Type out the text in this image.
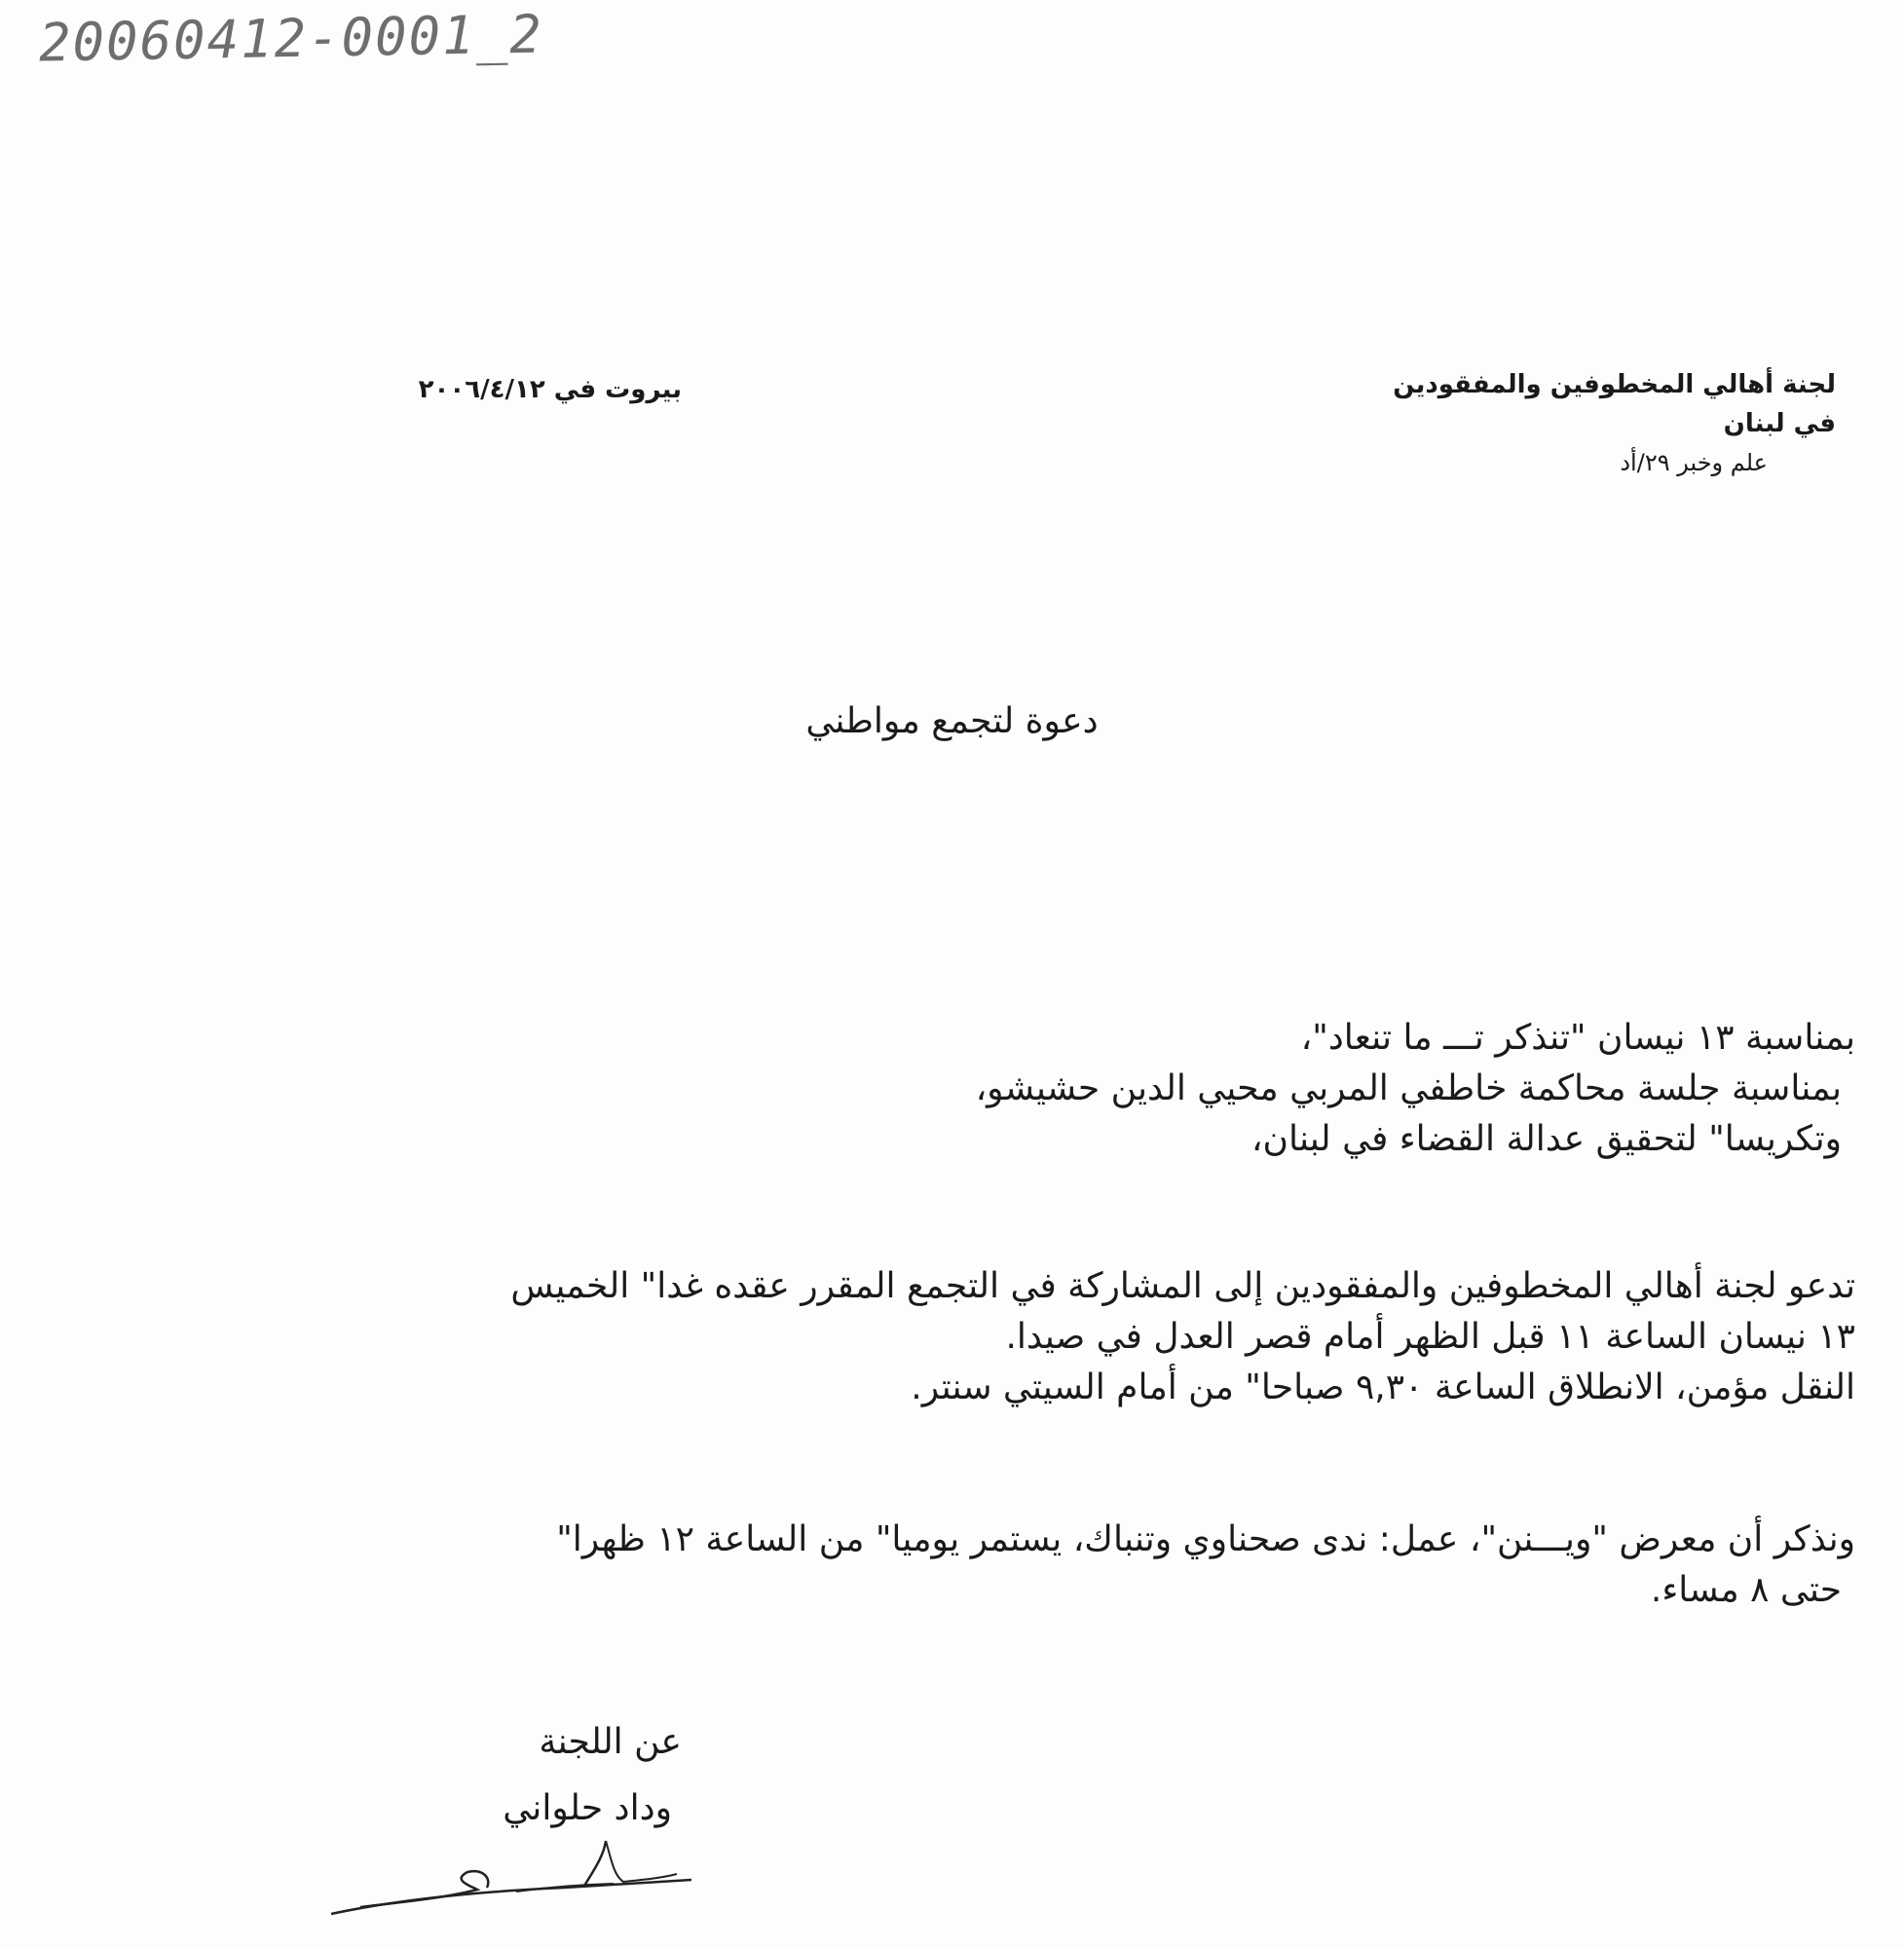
20060412-0001_2
لجنة أهالي المخطوفين والمفقودين
في لبنان
علم وخبر ٢٩/أد
بيروت في ٢٠٠٦/٤/١٢
دعوة لتجمع مواطني
بمناسبة ١٣ نيسان "تنذكر تـــ ما تنعاد"،
بمناسبة جلسة محاكمة خاطفي المربي محيي الدين حشيشو،
وتكريسا" لتحقيق عدالة القضاء في لبنان،
تدعو لجنة أهالي المخطوفين والمفقودين إلى المشاركة في التجمع المقرر عقده غدا" الخميس
١٣ نيسان الساعة ١١ قبل الظهر أمام قصر العدل في صيدا.
النقل مؤمن، الانطلاق الساعة ٩,٣٠ صباحا" من أمام السيتي سنتر.
ونذكر أن معرض "ويـــنن"، عمل: ندى صحناوي وتنباك، يستمر يوميا" من الساعة ١٢ ظهرا"
حتى ٨ مساء.
عن اللجنة
وداد حلواني
